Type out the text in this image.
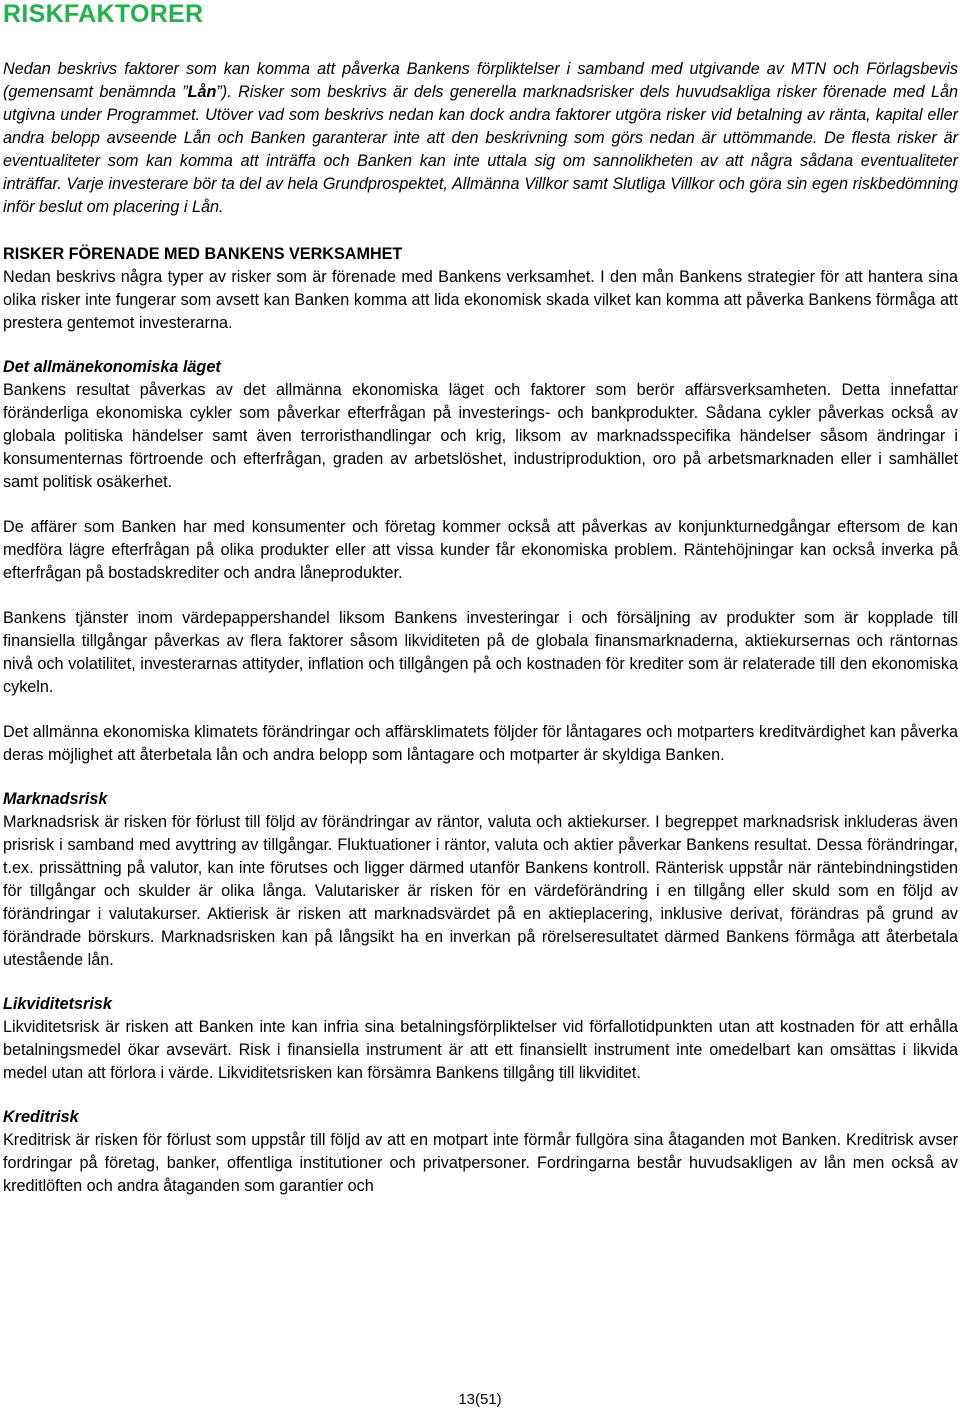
RISKFAKTORER

Nedan beskrivs faktorer som kan komma att påverka Bankens förpliktelser i samband med utgivande av MTN och Förlagsbevis (gemensamt benämnda ”Lån”). Risker som beskrivs är dels generella marknadsrisker dels huvudsakliga risker förenade med Lån utgivna under Programmet. Utöver vad som beskrivs nedan kan dock andra faktorer utgöra risker vid betalning av ränta, kapital eller andra belopp avseende Lån och Banken garanterar inte att den beskrivning som görs nedan är uttömmande. De flesta risker är eventualiteter som kan komma att inträffa och Banken kan inte uttala sig om sannolikheten av att några sådana eventualiteter inträffar. Varje investerare bör ta del av hela Grundprospektet, Allmänna Villkor samt Slutliga Villkor och göra sin egen riskbedömning inför beslut om placering i Lån.

RISKER FÖRENADE MED BANKENS VERKSAMHET

Nedan beskrivs några typer av risker som är förenade med Bankens verksamhet. I den mån Bankens strategier för att hantera sina olika risker inte fungerar som avsett kan Banken komma att lida ekonomisk skada vilket kan komma att påverka Bankens förmåga att prestera gentemot investerarna.

Det allmänekonomiska läget

Bankens resultat påverkas av det allmänna ekonomiska läget och faktorer som berör affärsverksamheten. Detta innefattar föränderliga ekonomiska cykler som påverkar efterfrågan på investerings- och bankprodukter. Sådana cykler påverkas också av globala politiska händelser samt även terroristhandlingar och krig, liksom av marknadsspecifika händelser såsom ändringar i konsumenternas förtroende och efterfrågan, graden av arbetslöshet, industriproduktion, oro på arbetsmarknaden eller i samhället samt politisk osäkerhet.

De affärer som Banken har med konsumenter och företag kommer också att påverkas av konjunkturnedgångar eftersom de kan medföra lägre efterfrågan på olika produkter eller att vissa kunder får ekonomiska problem. Räntehöjningar kan också inverka på efterfrågan på bostadskrediter och andra låneprodukter.

Bankens tjänster inom värdepappershandel liksom Bankens investeringar i och försäljning av produkter som är kopplade till finansiella tillgångar påverkas av flera faktorer såsom likviditeten på de globala finansmarknaderna, aktiekursernas och räntornas nivå och volatilitet, investerarnas attityder, inflation och tillgången på och kostnaden för krediter som är relaterade till den ekonomiska cykeln.

Det allmänna ekonomiska klimatets förändringar och affärsklimatets följder för låntagares och motparters kreditvärdighet kan påverka deras möjlighet att återbetala lån och andra belopp som låntagare och motparter är skyldiga Banken.

Marknadsrisk

Marknadsrisk är risken för förlust till följd av förändringar av räntor, valuta och aktiekurser. I begreppet marknadsrisk inkluderas även prisrisk i samband med avyttring av tillgångar. Fluktuationer i räntor, valuta och aktier påverkar Bankens resultat. Dessa förändringar, t.ex. prissättning på valutor, kan inte förutses och ligger därmed utanför Bankens kontroll. Ränterisk uppstår när räntebindningstiden för tillgångar och skulder är olika långa. Valutarisker är risken för en värdeförändring i en tillgång eller skuld som en följd av förändringar i valutakurser. Aktierisk är risken att marknadsvärdet på en aktieplacering, inklusive derivat, förändras på grund av förändrade börskurs. Marknadsrisken kan på långsikt ha en inverkan på rörelseresultatet därmed Bankens förmåga att återbetala utestående lån.

Likviditetsrisk

Likviditetsrisk är risken att Banken inte kan infria sina betalningsförpliktelser vid förfallotidpunkten utan att kostnaden för att erhålla betalningsmedel ökar avsevärt. Risk i finansiella instrument är att ett finansiellt instrument inte omedelbart kan omsättas i likvida medel utan att förlora i värde. Likviditetsrisken kan försämra Bankens tillgång till likviditet.

Kreditrisk

Kreditrisk är risken för förlust som uppstår till följd av att en motpart inte förmår fullgöra sina åtaganden mot Banken. Kreditrisk avser fordringar på företag, banker, offentliga institutioner och privatpersoner. Fordringarna består huvudsakligen av lån men också av kreditlöften och andra åtaganden som garantier och

13(51)
